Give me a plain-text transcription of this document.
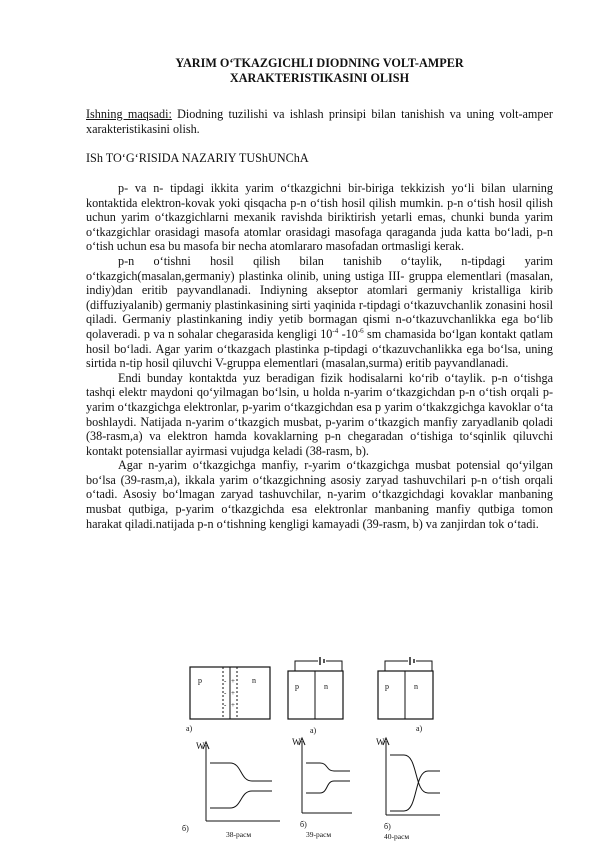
YARIM O‘TKAZGICHLI DIODNING VOLT-AMPER
XARAKTERISTIKASINI OLISH
Ishning maqsadi: Diodning tuzilishi va ishlash prinsipi bilan tanishish va uning volt-amper xarakteristikasini olish.
ISh TO‘G‘RISIDA NAZARIY TUShUNChA

p- va n- tipdagi ikkita yarim o‘tkazgichni bir-biriga tekkizish yo‘li bilan ularning kontaktida elektron-kovak yoki qisqacha p-n o‘tish hosil qilish mumkin. p-n o‘tish hosil qilish uchun yarim o‘tkazgichlarni mexanik ravishda biriktirish yetarli emas, chunki bunda yarim o‘tkazgichlar orasidagi masofa atomlar orasidagi masofaga qaraganda juda katta bo‘ladi, p-n o‘tish uchun esa bu masofa bir necha atomlararo masofadan ortmasligi kerak.

p-n o‘tishni hosil qilish bilan tanishib o‘taylik, n-tipdagi yarim o‘tkazgich(masalan,germaniy) plastinka olinib, uning ustiga III- gruppa elementlari (masalan, indiy)dan eritib payvandlanadi. Indiyning akseptor atomlari germaniy kristalliga kirib (diffuziyalanib) germaniy plastinkasining sirti yaqinida r-tipdagi o‘tkazuvchanlik zonasini hosil qiladi. Germaniy plastinkaning indiy yetib bormagan qismi n-o‘tkazuvchanlikka ega bo‘lib qolaveradi. p va n sohalar chegarasida kengligi $10^{-4}$ $-10^{-6}$ sm chamasida bo‘lgan kontakt qatlam hosil bo‘ladi. Agar yarim o‘tkazgach plastinka p-tipdagi o‘tkazuvchanlikka ega bo‘lsa, uning sirtida n-tip hosil qiluvchi V-gruppa elementlari (masalan,surma) eritib payvandlanadi.

Endi bunday kontaktda yuz beradigan fizik hodisalarni ko‘rib o‘taylik. p-n o‘tishga tashqi elektr maydoni qo‘yilmagan bo‘lsin, u holda n-yarim o‘tkazgichdan p-n o‘tish orqali p-yarim o‘tkazgichga elektronlar, p-yarim o‘tkazgichdan esa p yarim o‘tkakzgichga kavoklar o‘ta boshlaydi. Natijada n-yarim o‘tkazgich musbat, p-yarim o‘tkazgich manfiy zaryadlanib qoladi (38-rasm,a) va elektron hamda kovaklarning p-n chegaradan o‘tishiga to‘sqinlik qiluvchi kontakt potensiallar ayirmasi vujudga keladi (38-rasm, b).

Agar n-yarim o‘tkazgichga manfiy, r-yarim o‘tkazgichga musbat potensial qo‘yilgan bo‘lsa (39-rasm,a), ikkala yarim o‘tkazgichning asosiy zaryad tashuvchilari p-n o‘tish orqali o‘tadi. Asosiy bo‘lmagan zaryad tashuvchilar, n-yarim o‘tkazgichdagi kovaklar manbaning musbat qutbiga, p-yarim o‘tkazgichda esa elektronlar manbaning manfiy qutbiga tomon harakat qiladi.natijada p-n o‘tishning kengligi kamayadi (39-rasm, b) va zanjirdan tok o‘tadi.

p	n
-
-
-
+
+
+
a)
W
б)
38-расм
p	n
a)
W
б)
39-расм
p	n
a)
W
б)
40-расм
